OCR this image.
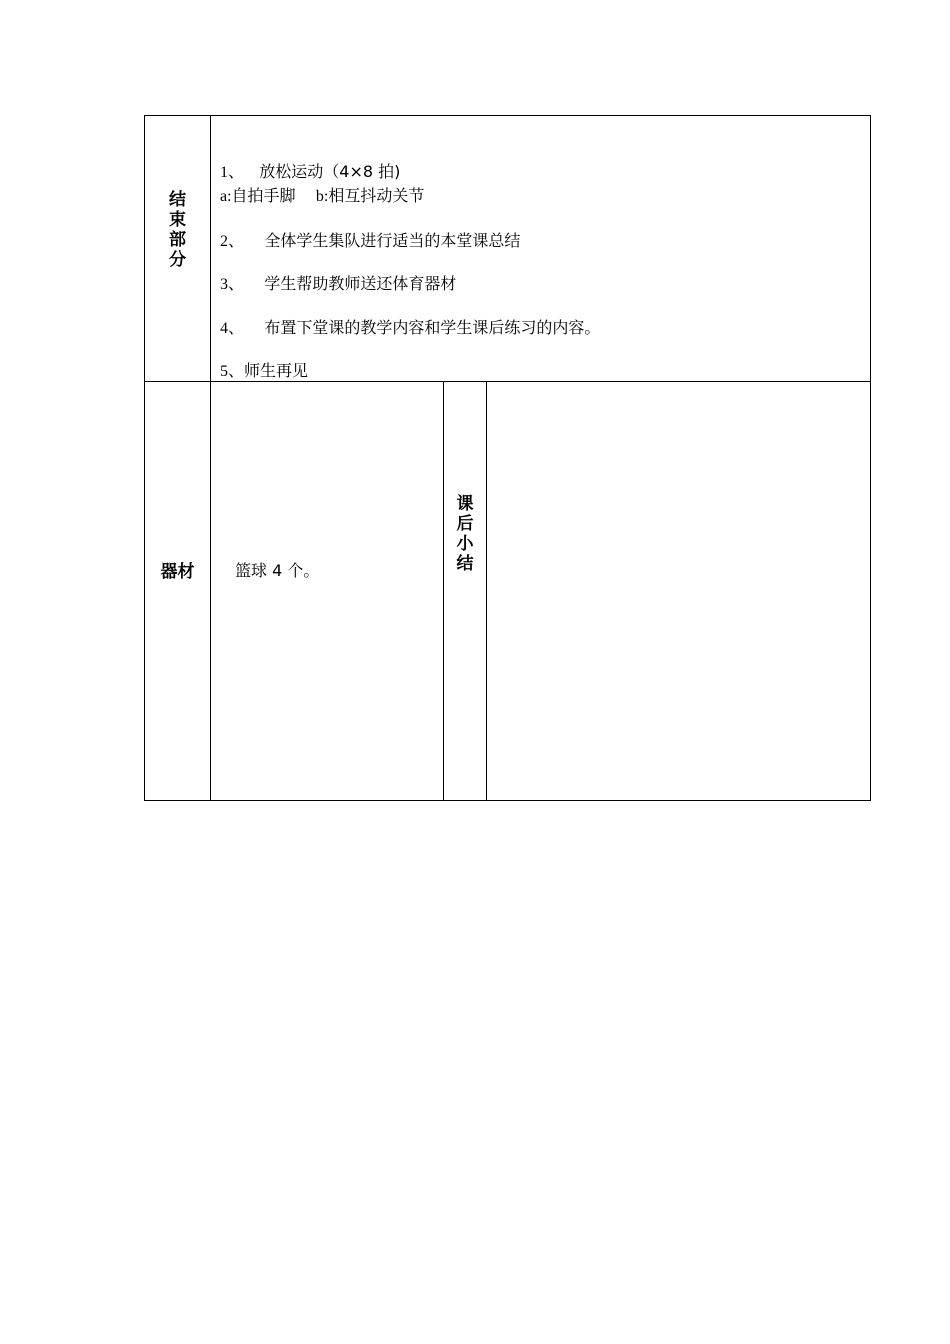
结
束
部
分
1、 放松运动（4×8 拍)
a:自拍手脚 b:相互抖动关节
2、 全体学生集队进行适当的本堂课总结
3、 学生帮助教师送还体育器材
4、 布置下堂课的教学内容和学生课后练习的内容。
5、师生再见
器材	篮球 4 个。
课
后
小
结
